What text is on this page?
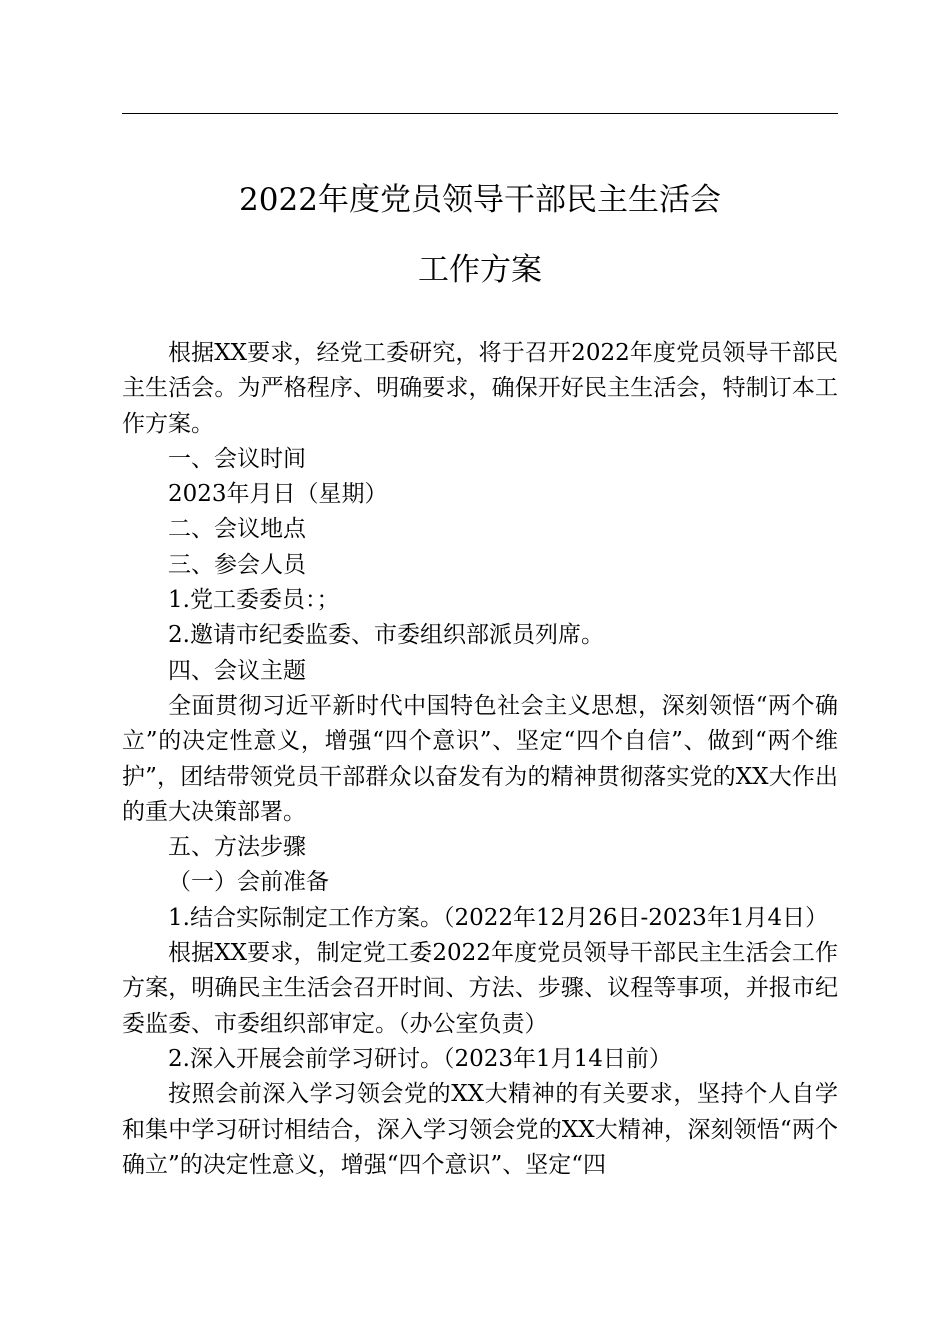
2022年度党员领导干部民主生活会
工作方案

根据XX要求，经党工委研究，将于召开2022年度党员领导干部民主生活会。为严格程序、明确要求，确保开好民主生活会，特制订本工作方案。

一、会议时间

2023年月日（星期）

二、会议地点

三、参会人员

1.党工委委员：；

2.邀请市纪委监委、市委组织部派员列席。

四、会议主题

全面贯彻习近平新时代中国特色社会主义思想，深刻领悟“两个确立”的决定性意义，增强“四个意识”、坚定“四个自信”、做到“两个维护”，团结带领党员干部群众以奋发有为的精神贯彻落实党的XX大作出的重大决策部署。

五、方法步骤

（一）会前准备

1.结合实际制定工作方案。（2022年12月26日-2023年1月4日）

根据XX要求，制定党工委2022年度党员领导干部民主生活会工作方案，明确民主生活会召开时间、方法、步骤、议程等事项，并报市纪委监委、市委组织部审定。（办公室负责）

2.深入开展会前学习研讨。（2023年1月14日前）

按照会前深入学习领会党的XX大精神的有关要求，坚持个人自学和集中学习研讨相结合，深入学习领会党的XX大精神，深刻领悟“两个确立”的决定性意义，增强“四个意识”、坚定“四
